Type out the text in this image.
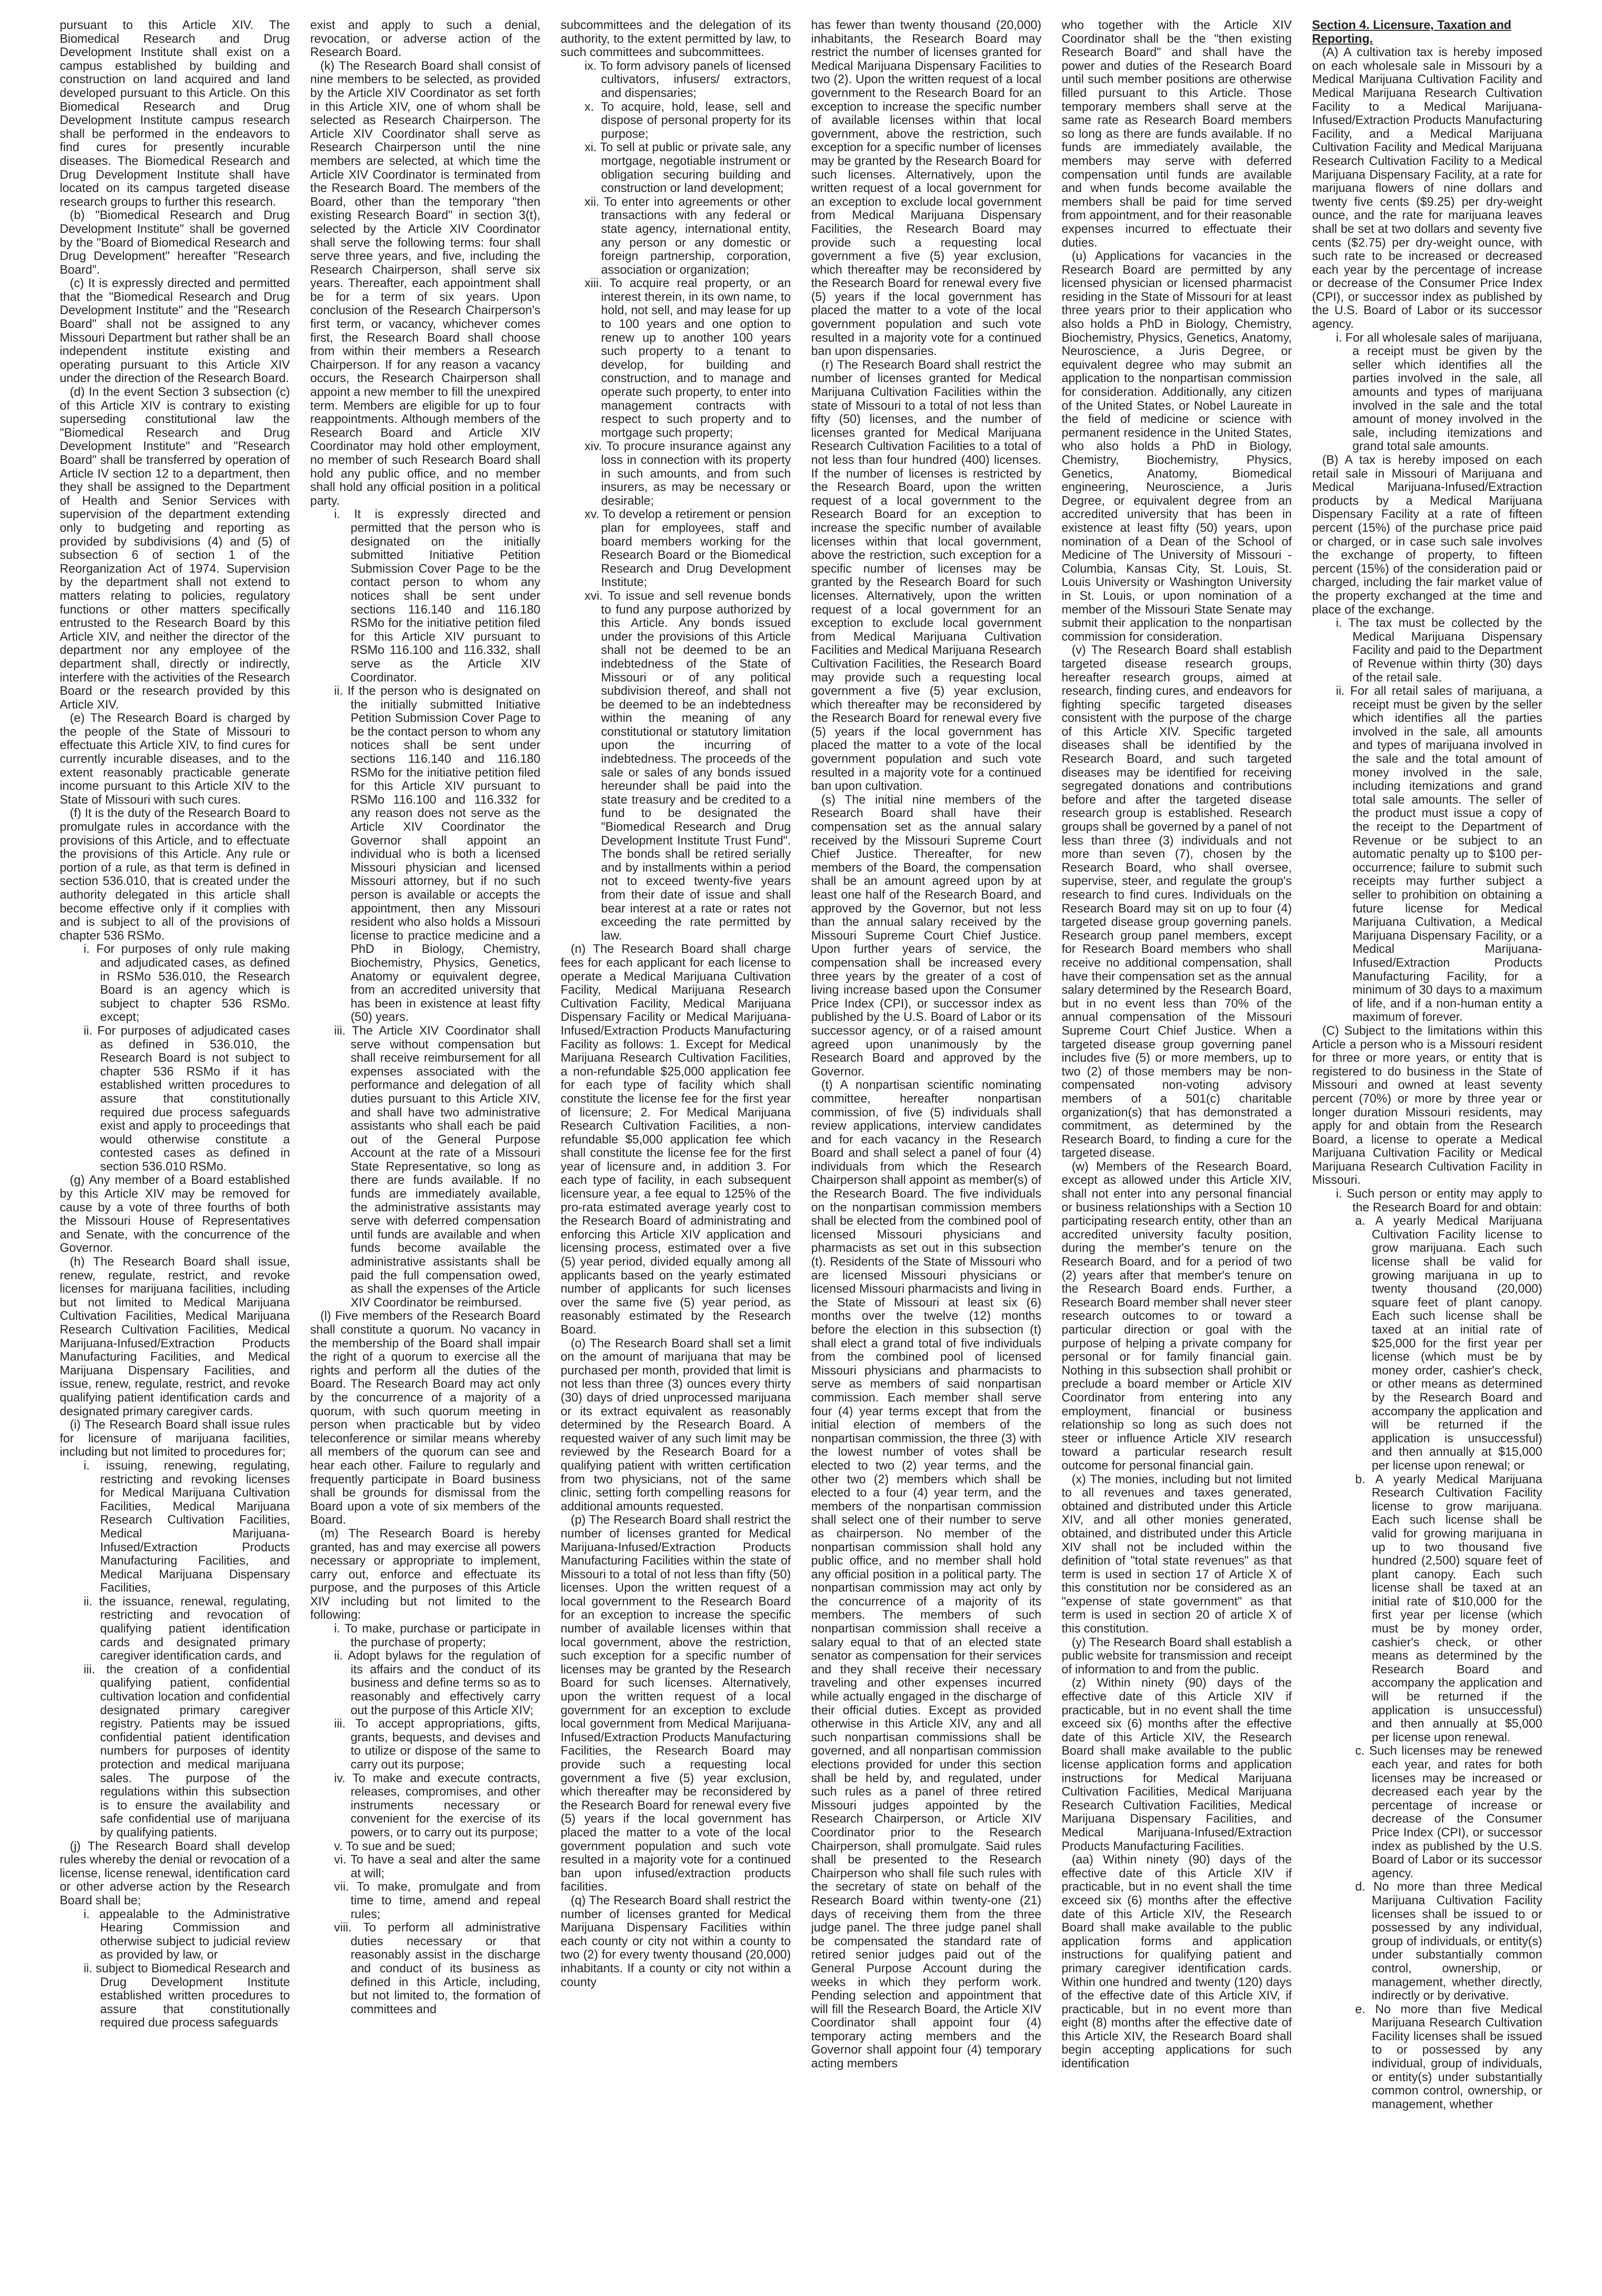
pursuant to this Article XIV. The Biomedical Research and Drug Development Institute shall exist on a campus established by building and construction on land acquired and land developed pursuant to this Article. On this Biomedical Research and Drug Development Institute campus research shall be performed in the endeavors to find cures for presently incurable diseases. The Biomedical Research and Drug Development Institute shall have located on its campus targeted disease research groups to further this research.

(b) "Biomedical Research and Drug Development Institute" shall be governed by the "Board of Biomedical Research and Drug Development" hereafter "Research Board".

(c) It is expressly directed and permitted that the "Biomedical Research and Drug Development Institute" and the "Research Board" shall not be assigned to any Missouri Department but rather shall be an independent institute existing and operating pursuant to this Article XIV under the direction of the Research Board.

(d) In the event Section 3 subsection (c) of this Article XIV is contrary to existing superseding constitutional law the "Biomedical Research and Drug Development Institute" and "Research Board" shall be transferred by operation of Article IV section 12 to a department, then they shall be assigned to the Department of Health and Senior Services with supervision of the department extending only to budgeting and reporting as provided by subdivisions (4) and (5) of subsection 6 of section 1 of the Reorganization Act of 1974. Supervision by the department shall not extend to matters relating to policies, regulatory functions or other matters specifically entrusted to the Research Board by this Article XIV, and neither the director of the department nor any employee of the department shall, directly or indirectly, interfere with the activities of the Research Board or the research provided by this Article XIV.

(e) The Research Board is charged by the people of the State of Missouri to effectuate this Article XIV, to find cures for currently incurable diseases, and to the extent reasonably practicable generate income pursuant to this Article XIV to the State of Missouri with such cures.

(f) It is the duty of the Research Board to promulgate rules in accordance with the provisions of this Article, and to effectuate the provisions of this Article. Any rule or portion of a rule, as that term is defined in section 536.010, that is created under the authority delegated in this article shall become effective only if it complies with and is subject to all of the provisions of chapter 536 RSMo.

i. For purposes of only rule making and adjudicated cases, as defined in RSMo 536.010, the Research Board is an agency which is subject to chapter 536 RSMo. except;

ii. For purposes of adjudicated cases as defined in 536.010, the Research Board is not subject to chapter 536 RSMo if it has established written procedures to assure that constitutionally required due process safeguards exist and apply to proceedings that would otherwise constitute a contested cases as defined in section 536.010 RSMo.

(g) Any member of a Board established by this Article XIV may be removed for cause by a vote of three fourths of both the Missouri House of Representatives and Senate, with the concurrence of the Governor.

(h) The Research Board shall issue, renew, regulate, restrict, and revoke licenses for marijuana facilities, including but not limited to Medical Marijuana Cultivation Facilities, Medical Marijuana Research Cultivation Facilities, Medical Marijuana-Infused/Extraction Products Manufacturing Facilities, and Medical Marijuana Dispensary Facilities, and issue, renew, regulate, restrict, and revoke qualifying patient identification cards and designated primary caregiver cards.

(i) The Research Board shall issue rules for licensure of marijuana facilities, including but not limited to procedures for;

i. issuing, renewing, regulating, restricting and revoking licenses for Medical Marijuana Cultivation Facilities, Medical Marijuana Research Cultivation Facilities, Medical Marijuana-Infused/Extraction Products Manufacturing Facilities, and Medical Marijuana Dispensary Facilities,

ii. the issuance, renewal, regulating, restricting and revocation of qualifying patient identification cards and designated primary caregiver identification cards, and

iii. the creation of a confidential qualifying patient, confidential cultivation location and confidential designated primary caregiver registry. Patients may be issued confidential patient identification numbers for purposes of identity protection and medical marijuana sales. The purpose of the regulations within this subsection is to ensure the availability and safe confidential use of marijuana by qualifying patients.

(j) The Research Board shall develop rules whereby the denial or revocation of a license, license renewal, identification card or other adverse action by the Research Board shall be;

i. appealable to the Administrative Hearing Commission and otherwise subject to judicial review as provided by law, or

ii. subject to Biomedical Research and Drug Development Institute established written procedures to assure that constitutionally required due process safeguards

exist and apply to such a denial, revocation, or adverse action of the Research Board.

(k) The Research Board shall consist of nine members to be selected, as provided by the Article XIV Coordinator as set forth in this Article XIV, one of whom shall be selected as Research Chairperson. The Article XIV Coordinator shall serve as Research Chairperson until the nine members are selected, at which time the Article XIV Coordinator is terminated from the Research Board. The members of the Board, other than the temporary "then existing Research Board" in section 3(t), selected by the Article XIV Coordinator shall serve the following terms: four shall serve three years, and five, including the Research Chairperson, shall serve six years. Thereafter, each appointment shall be for a term of six years. Upon conclusion of the Research Chairperson's first term, or vacancy, whichever comes first, the Research Board shall choose from within their members a Research Chairperson. If for any reason a vacancy occurs, the Research Chairperson shall appoint a new member to fill the unexpired term. Members are eligible for up to four reappointments. Although members of the Research Board and Article XIV Coordinator may hold other employment, no member of such Research Board shall hold any public office, and no member shall hold any official position in a political party.

i. It is expressly directed and permitted that the person who is designated on the initially submitted Initiative Petition Submission Cover Page to be the contact person to whom any notices shall be sent under sections 116.140 and 116.180 RSMo for the initiative petition filed for this Article XIV pursuant to RSMo 116.100 and 116.332, shall serve as the Article XIV Coordinator.

ii. If the person who is designated on the initially submitted Initiative Petition Submission Cover Page to be the contact person to whom any notices shall be sent under sections 116.140 and 116.180 RSMo for the initiative petition filed for this Article XIV pursuant to RSMo 116.100 and 116.332 for any reason does not serve as the Article XIV Coordinator the Governor shall appoint an individual who is both a licensed Missouri physician and licensed Missouri attorney, but if no such person is available or accepts the appointment, then any Missouri resident who also holds a Missouri license to practice medicine and a PhD in Biology, Chemistry, Biochemistry, Physics, Genetics, Anatomy or equivalent degree, from an accredited university that has been in existence at least fifty (50) years.

iii. The Article XIV Coordinator shall serve without compensation but shall receive reimbursement for all expenses associated with the performance and delegation of all duties pursuant to this Article XIV, and shall have two administrative assistants who shall each be paid out of the General Purpose Account at the rate of a Missouri State Representative, so long as there are funds available. If no funds are immediately available, the administrative assistants may serve with deferred compensation until funds are available and when funds become available the administrative assistants shall be paid the full compensation owed, as shall the expenses of the Article XIV Coordinator be reimbursed.

(l) Five members of the Research Board shall constitute a quorum. No vacancy in the membership of the Board shall impair the right of a quorum to exercise all the rights and perform all the duties of the Board. The Research Board may act only by the concurrence of a majority of a quorum, with such quorum meeting in person when practicable but by video teleconference or similar means whereby all members of the quorum can see and hear each other. Failure to regularly and frequently participate in Board business shall be grounds for dismissal from the Board upon a vote of six members of the Board.

(m) The Research Board is hereby granted, has and may exercise all powers necessary or appropriate to implement, carry out, enforce and effectuate its purpose, and the purposes of this Article XIV including but not limited to the following:

i. To make, purchase or participate in the purchase of property;

ii. Adopt bylaws for the regulation of its affairs and the conduct of its business and define terms so as to reasonably and effectively carry out the purpose of this Article XIV;

iii. To accept appropriations, gifts, grants, bequests, and devises and to utilize or dispose of the same to carry out its purpose;

iv. To make and execute contracts, releases, compromises, and other instruments necessary or convenient for the exercise of its powers, or to carry out its purpose;

v. To sue and be sued;

vi. To have a seal and alter the same at will;

vii. To make, promulgate and from time to time, amend and repeal rules;

viii. To perform all administrative duties necessary or that reasonably assist in the discharge and conduct of its business as defined in this Article, including, but not limited to, the formation of committees and

subcommittees and the delegation of its authority, to the extent permitted by law, to such committees and subcommittees.

ix. To form advisory panels of licensed cultivators, infusers/ extractors, and dispensaries;

x. To acquire, hold, lease, sell and dispose of personal property for its purpose;

xi. To sell at public or private sale, any mortgage, negotiable instrument or obligation securing building and construction or land development;

xii. To enter into agreements or other transactions with any federal or state agency, international entity, any person or any domestic or foreign partnership, corporation, association or organization;

xiii. To acquire real property, or an interest therein, in its own name, to hold, not sell, and may lease for up to 100 years and one option to renew up to another 100 years such property to a tenant to develop, for building and construction, and to manage and operate such property, to enter into management contracts with respect to such property and to mortgage such property;

xiv. To procure insurance against any loss in connection with its property in such amounts, and from such insurers, as may be necessary or desirable;

xv. To develop a retirement or pension plan for employees, staff and board members working for the Research Board or the Biomedical Research and Drug Development Institute;

xvi. To issue and sell revenue bonds to fund any purpose authorized by this Article. Any bonds issued under the provisions of this Article shall not be deemed to be an indebtedness of the State of Missouri or of any political subdivision thereof, and shall not be deemed to be an indebtedness within the meaning of any constitutional or statutory limitation upon the incurring of indebtedness. The proceeds of the sale or sales of any bonds issued hereunder shall be paid into the state treasury and be credited to a fund to be designated the "Biomedical Research and Drug Development Institute Trust Fund". The bonds shall be retired serially and by installments within a period not to exceed twenty-five years from their date of issue and shall bear interest at a rate or rates not exceeding the rate permitted by law.

(n) The Research Board shall charge fees for each applicant for each license to operate a Medical Marijuana Cultivation Facility, Medical Marijuana Research Cultivation Facility, Medical Marijuana Dispensary Facility or Medical Marijuana-Infused/Extraction Products Manufacturing Facility as follows: 1. Except for Medical Marijuana Research Cultivation Facilities, a non-refundable $25,000 application fee for each type of facility which shall constitute the license fee for the first year of licensure; 2. For Medical Marijuana Research Cultivation Facilities, a non-refundable $5,000 application fee which shall constitute the license fee for the first year of licensure and, in addition 3. For each type of facility, in each subsequent licensure year, a fee equal to 125% of the pro-rata estimated average yearly cost to the Research Board of administrating and enforcing this Article XIV application and licensing process, estimated over a five (5) year period, divided equally among all applicants based on the yearly estimated number of applicants for such licenses over the same five (5) year period, as reasonably estimated by the Research Board.

(o) The Research Board shall set a limit on the amount of marijuana that may be purchased per month, provided that limit is not less than three (3) ounces every thirty (30) days of dried unprocessed marijuana or its extract equivalent as reasonably determined by the Research Board. A requested waiver of any such limit may be reviewed by the Research Board for a qualifying patient with written certification from two physicians, not of the same clinic, setting forth compelling reasons for additional amounts requested.

(p) The Research Board shall restrict the number of licenses granted for Medical Marijuana-Infused/Extraction Products Manufacturing Facilities within the state of Missouri to a total of not less than fifty (50) licenses. Upon the written request of a local government to the Research Board for an exception to increase the specific number of available licenses within that local government, above the restriction, such exception for a specific number of licenses may be granted by the Research Board for such licenses. Alternatively, upon the written request of a local government for an exception to exclude local government from Medical Marijuana-Infused/Extraction Products Manufacturing Facilities, the Research Board may provide such a requesting local government a five (5) year exclusion, which thereafter may be reconsidered by the Research Board for renewal every five (5) years if the local government has placed the matter to a vote of the local government population and such vote resulted in a majority vote for a continued ban upon infused/extraction products facilities.

(q) The Research Board shall restrict the number of licenses granted for Medical Marijuana Dispensary Facilities within each county or city not within a county to two (2) for every twenty thousand (20,000) inhabitants. If a county or city not within a county

has fewer than twenty thousand (20,000) inhabitants, the Research Board may restrict the number of licenses granted for Medical Marijuana Dispensary Facilities to two (2). Upon the written request of a local government to the Research Board for an exception to increase the specific number of available licenses within that local government, above the restriction, such exception for a specific number of licenses may be granted by the Research Board for such licenses. Alternatively, upon the written request of a local government for an exception to exclude local government from Medical Marijuana Dispensary Facilities, the Research Board may provide such a requesting local government a five (5) year exclusion, which thereafter may be reconsidered by the Research Board for renewal every five (5) years if the local government has placed the matter to a vote of the local government population and such vote resulted in a majority vote for a continued ban upon dispensaries.

(r) The Research Board shall restrict the number of licenses granted for Medical Marijuana Cultivation Facilities within the state of Missouri to a total of not less than fifty (50) licenses, and the number of licenses granted for Medical Marijuana Research Cultivation Facilities to a total of not less than four hundred (400) licenses. If the number of licenses is restricted by the Research Board, upon the written request of a local government to the Research Board for an exception to increase the specific number of available licenses within that local government, above the restriction, such exception for a specific number of licenses may be granted by the Research Board for such licenses. Alternatively, upon the written request of a local government for an exception to exclude local government from Medical Marijuana Cultivation Facilities and Medical Marijuana Research Cultivation Facilities, the Research Board may provide such a requesting local government a five (5) year exclusion, which thereafter may be reconsidered by the Research Board for renewal every five (5) years if the local government has placed the matter to a vote of the local government population and such vote resulted in a majority vote for a continued ban upon cultivation.

(s) The initial nine members of the Research Board shall have their compensation set as the annual salary received by the Missouri Supreme Court Chief Justice. Thereafter, for new members of the Board, the compensation shall be an amount agreed upon by at least one half of the Research Board, and approved by the Governor, but not less than the annual salary received by the Missouri Supreme Court Chief Justice. Upon further years of service, the compensation shall be increased every three years by the greater of a cost of living increase based upon the Consumer Price Index (CPI), or successor index as published by the U.S. Board of Labor or its successor agency, or of a raised amount agreed upon unanimously by the Research Board and approved by the Governor.

(t) A nonpartisan scientific nominating committee, hereafter nonpartisan commission, of five (5) individuals shall review applications, interview candidates and for each vacancy in the Research Board and shall select a panel of four (4) individuals from which the Research Chairperson shall appoint as member(s) of the Research Board. The five individuals on the nonpartisan commission members shall be elected from the combined pool of licensed Missouri physicians and pharmacists as set out in this subsection (t). Residents of the State of Missouri who are licensed Missouri physicians or licensed Missouri pharmacists and living in the State of Missouri at least six (6) months over the twelve (12) months before the election in this subsection (t) shall elect a grand total of five individuals from the combined pool of licensed Missouri physicians and pharmacists to serve as members of said nonpartisan commission. Each member shall serve four (4) year terms except that from the initial election of members of the nonpartisan commission, the three (3) with the lowest number of votes shall be elected to two (2) year terms, and the other two (2) members which shall be elected to a four (4) year term, and the members of the nonpartisan commission shall select one of their number to serve as chairperson. No member of the nonpartisan commission shall hold any public office, and no member shall hold any official position in a political party. The nonpartisan commission may act only by the concurrence of a majority of its members. The members of such nonpartisan commission shall receive a salary equal to that of an elected state senator as compensation for their services and they shall receive their necessary traveling and other expenses incurred while actually engaged in the discharge of their official duties. Except as provided otherwise in this Article XIV, any and all such nonpartisan commissions shall be governed, and all nonpartisan commission elections provided for under this section shall be held by, and regulated, under such rules as a panel of three retired Missouri judges appointed by the Research Chairperson, or Article XIV Coordinator prior to the Research Chairperson, shall promulgate. Said rules shall be presented to the Research Chairperson who shall file such rules with the secretary of state on behalf of the Research Board within twenty-one (21) days of receiving them from the three judge panel. The three judge panel shall be compensated the standard rate of retired senior judges paid out of the General Purpose Account during the weeks in which they perform work. Pending selection and appointment that will fill the Research Board, the Article XIV Coordinator shall appoint four (4) temporary acting members and the Governor shall appoint four (4) temporary acting members

who together with the Article XIV Coordinator shall be the "then existing Research Board" and shall have the power and duties of the Research Board until such member positions are otherwise filled pursuant to this Article. Those temporary members shall serve at the same rate as Research Board members so long as there are funds available. If no funds are immediately available, the members may serve with deferred compensation until funds are available and when funds become available the members shall be paid for time served from appointment, and for their reasonable expenses incurred to effectuate their duties.

(u) Applications for vacancies in the Research Board are permitted by any licensed physician or licensed pharmacist residing in the State of Missouri for at least three years prior to their application who also holds a PhD in Biology, Chemistry, Biochemistry, Physics, Genetics, Anatomy, Neuroscience, a Juris Degree, or equivalent degree who may submit an application to the nonpartisan commission for consideration. Additionally, any citizen of the United States, or Nobel Laureate in the field of medicine or science with permanent residence in the United States, who also holds a PhD in Biology, Chemistry, Biochemistry, Physics, Genetics, Anatomy, Biomedical engineering, Neuroscience, a Juris Degree, or equivalent degree from an accredited university that has been in existence at least fifty (50) years, upon nomination of a Dean of the School of Medicine of The University of Missouri - Columbia, Kansas City, St. Louis, St. Louis University or Washington University in St. Louis, or upon nomination of a member of the Missouri State Senate may submit their application to the nonpartisan commission for consideration.

(v) The Research Board shall establish targeted disease research groups, hereafter research groups, aimed at research, finding cures, and endeavors for fighting specific targeted diseases consistent with the purpose of the charge of this Article XIV. Specific targeted diseases shall be identified by the Research Board, and such targeted diseases may be identified for receiving segregated donations and contributions before and after the targeted disease research group is established. Research groups shall be governed by a panel of not less than three (3) individuals and not more than seven (7), chosen by the Research Board, who shall oversee, supervise, steer, and regulate the group's research to find cures. Individuals on the Research Board may sit on up to four (4) targeted disease group governing panels. Research group panel members, except for Research Board members who shall receive no additional compensation, shall have their compensation set as the annual salary determined by the Research Board, but in no event less than 70% of the annual compensation of the Missouri Supreme Court Chief Justice. When a targeted disease group governing panel includes five (5) or more members, up to two (2) of those members may be non-compensated non-voting advisory members of a 501(c) charitable organization(s) that has demonstrated a commitment, as determined by the Research Board, to finding a cure for the targeted disease.

(w) Members of the Research Board, except as allowed under this Article XIV, shall not enter into any personal financial or business relationships with a Section 10 participating research entity, other than an accredited university faculty position, during the member's tenure on the Research Board, and for a period of two (2) years after that member's tenure on the Research Board ends. Further, a Research Board member shall never steer research outcomes to or toward a particular direction or goal with the purpose of helping a private company for personal or for family financial gain. Nothing in this subsection shall prohibit or preclude a board member or Article XIV Coordinator from entering into any employment, financial or business relationship so long as such does not steer or influence Article XIV research toward a particular research result outcome for personal financial gain.

(x) The monies, including but not limited to all revenues and taxes generated, obtained and distributed under this Article XIV, and all other monies generated, obtained, and distributed under this Article XIV shall not be included within the definition of "total state revenues" as that term is used in section 17 of Article X of this constitution nor be considered as an "expense of state government" as that term is used in section 20 of article X of this constitution.

(y) The Research Board shall establish a public website for transmission and receipt of information to and from the public.

(z) Within ninety (90) days of the effective date of this Article XIV if practicable, but in no event shall the time exceed six (6) months after the effective date of this Article XIV, the Research Board shall make available to the public license application forms and application instructions for Medical Marijuana Cultivation Facilities, Medical Marijuana Research Cultivation Facilities, Medical Marijuana Dispensary Facilities, and Medical Marijuana-Infused/Extraction Products Manufacturing Facilities.

(aa) Within ninety (90) days of the effective date of this Article XIV if practicable, but in no event shall the time exceed six (6) months after the effective date of this Article XIV, the Research Board shall make available to the public application forms and application instructions for qualifying patient and primary caregiver identification cards. Within one hundred and twenty (120) days of the effective date of this Article XIV, if practicable, but in no event more than eight (8) months after the effective date of this Article XIV, the Research Board shall begin accepting applications for such identification

Section 4. Licensure, Taxation and Reporting.

(A) A cultivation tax is hereby imposed on each wholesale sale in Missouri by a Medical Marijuana Cultivation Facility and Medical Marijuana Research Cultivation Facility to a Medical Marijuana-Infused/Extraction Products Manufacturing Facility, and a Medical Marijuana Cultivation Facility and Medical Marijuana Research Cultivation Facility to a Medical Marijuana Dispensary Facility, at a rate for marijuana flowers of nine dollars and twenty five cents ($9.25) per dry-weight ounce, and the rate for marijuana leaves shall be set at two dollars and seventy five cents ($2.75) per dry-weight ounce, with such rate to be increased or decreased each year by the percentage of increase or decrease of the Consumer Price Index (CPI), or successor index as published by the U.S. Board of Labor or its successor agency.

i. For all wholesale sales of marijuana, a receipt must be given by the seller which identifies all the parties involved in the sale, all amounts and types of marijuana involved in the sale and the total amount of money involved in the sale, including itemizations and grand total sale amounts.

(B) A tax is hereby imposed on each retail sale in Missouri of Marijuana and Medical Marijuana-Infused/Extraction products by a Medical Marijuana Dispensary Facility at a rate of fifteen percent (15%) of the purchase price paid or charged, or in case such sale involves the exchange of property, to fifteen percent (15%) of the consideration paid or charged, including the fair market value of the property exchanged at the time and place of the exchange.

i. The tax must be collected by the Medical Marijuana Dispensary Facility and paid to the Department of Revenue within thirty (30) days of the retail sale.

ii. For all retail sales of marijuana, a receipt must be given by the seller which identifies all the parties involved in the sale, all amounts and types of marijuana involved in the sale and the total amount of money involved in the sale, including itemizations and grand total sale amounts. The seller of the product must issue a copy of the receipt to the Department of Revenue or be subject to an automatic penalty up to $100 per-occurrence; failure to submit such receipts may further subject a seller to prohibition on obtaining a future license for Medical Marijuana Cultivation, a Medical Marijuana Dispensary Facility, or a Medical Marijuana-Infused/Extraction Products Manufacturing Facility, for a minimum of 30 days to a maximum of life, and if a non-human entity a maximum of forever.

(C) Subject to the limitations within this Article a person who is a Missouri resident for three or more years, or entity that is registered to do business in the State of Missouri and owned at least seventy percent (70%) or more by three year or longer duration Missouri residents, may apply for and obtain from the Research Board, a license to operate a Medical Marijuana Cultivation Facility or Medical Marijuana Research Cultivation Facility in Missouri.

i. Such person or entity may apply to the Research Board for and obtain:

a. A yearly Medical Marijuana Cultivation Facility license to grow marijuana. Each such license shall be valid for growing marijuana in up to twenty thousand (20,000) square feet of plant canopy. Each such license shall be taxed at an initial rate of $25,000 for the first year per license (which must be by money order, cashier's check, or other means as determined by the Research Board and accompany the application and will be returned if the application is unsuccessful) and then annually at $15,000 per license upon renewal; or

b. A yearly Medical Marijuana Research Cultivation Facility license to grow marijuana. Each such license shall be valid for growing marijuana in up to two thousand five hundred (2,500) square feet of plant canopy. Each such license shall be taxed at an initial rate of $10,000 for the first year per license (which must be by money order, cashier's check, or other means as determined by the Research Board and accompany the application and will be returned if the application is unsuccessful) and then annually at $5,000 per license upon renewal.

c. Such licenses may be renewed each year, and rates for both licenses may be increased or decreased each year by the percentage of increase or decrease of the Consumer Price Index (CPI), or successor index as published by the U.S. Board of Labor or its successor agency.

d. No more than three Medical Marijuana Cultivation Facility licenses shall be issued to or possessed by any individual, group of individuals, or entity(s) under substantially common control, ownership, or management, whether directly, indirectly or by derivative.

e. No more than five Medical Marijuana Research Cultivation Facility licenses shall be issued to or possessed by any individual, group of individuals, or entity(s) under substantially common control, ownership, or management, whether
